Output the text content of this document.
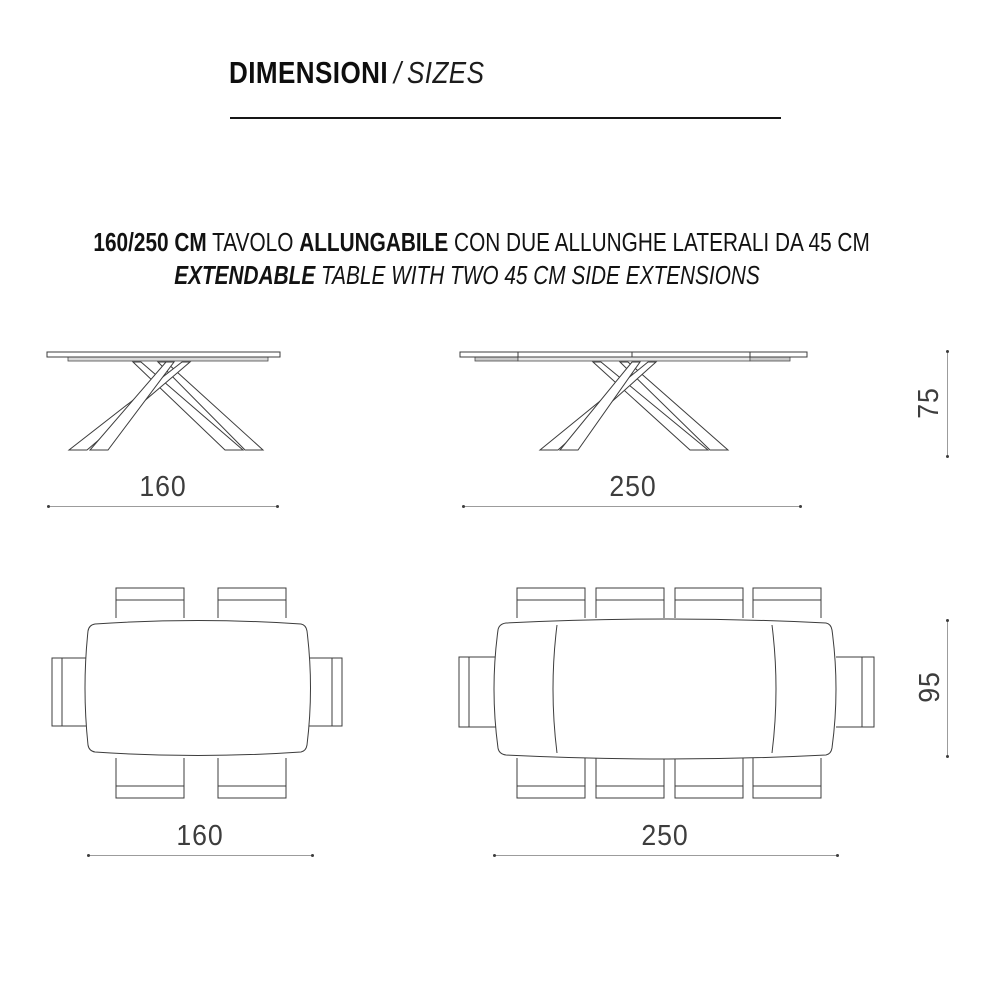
DIMENSIONI / SIZES
160/250 CM TAVOLO ALLUNGABILE CON DUE ALLUNGHE LATERALI DA 45 CM
EXTENDABLE TABLE WITH TWO 45 CM SIDE EXTENSIONS
160	250
75
160	250
95
